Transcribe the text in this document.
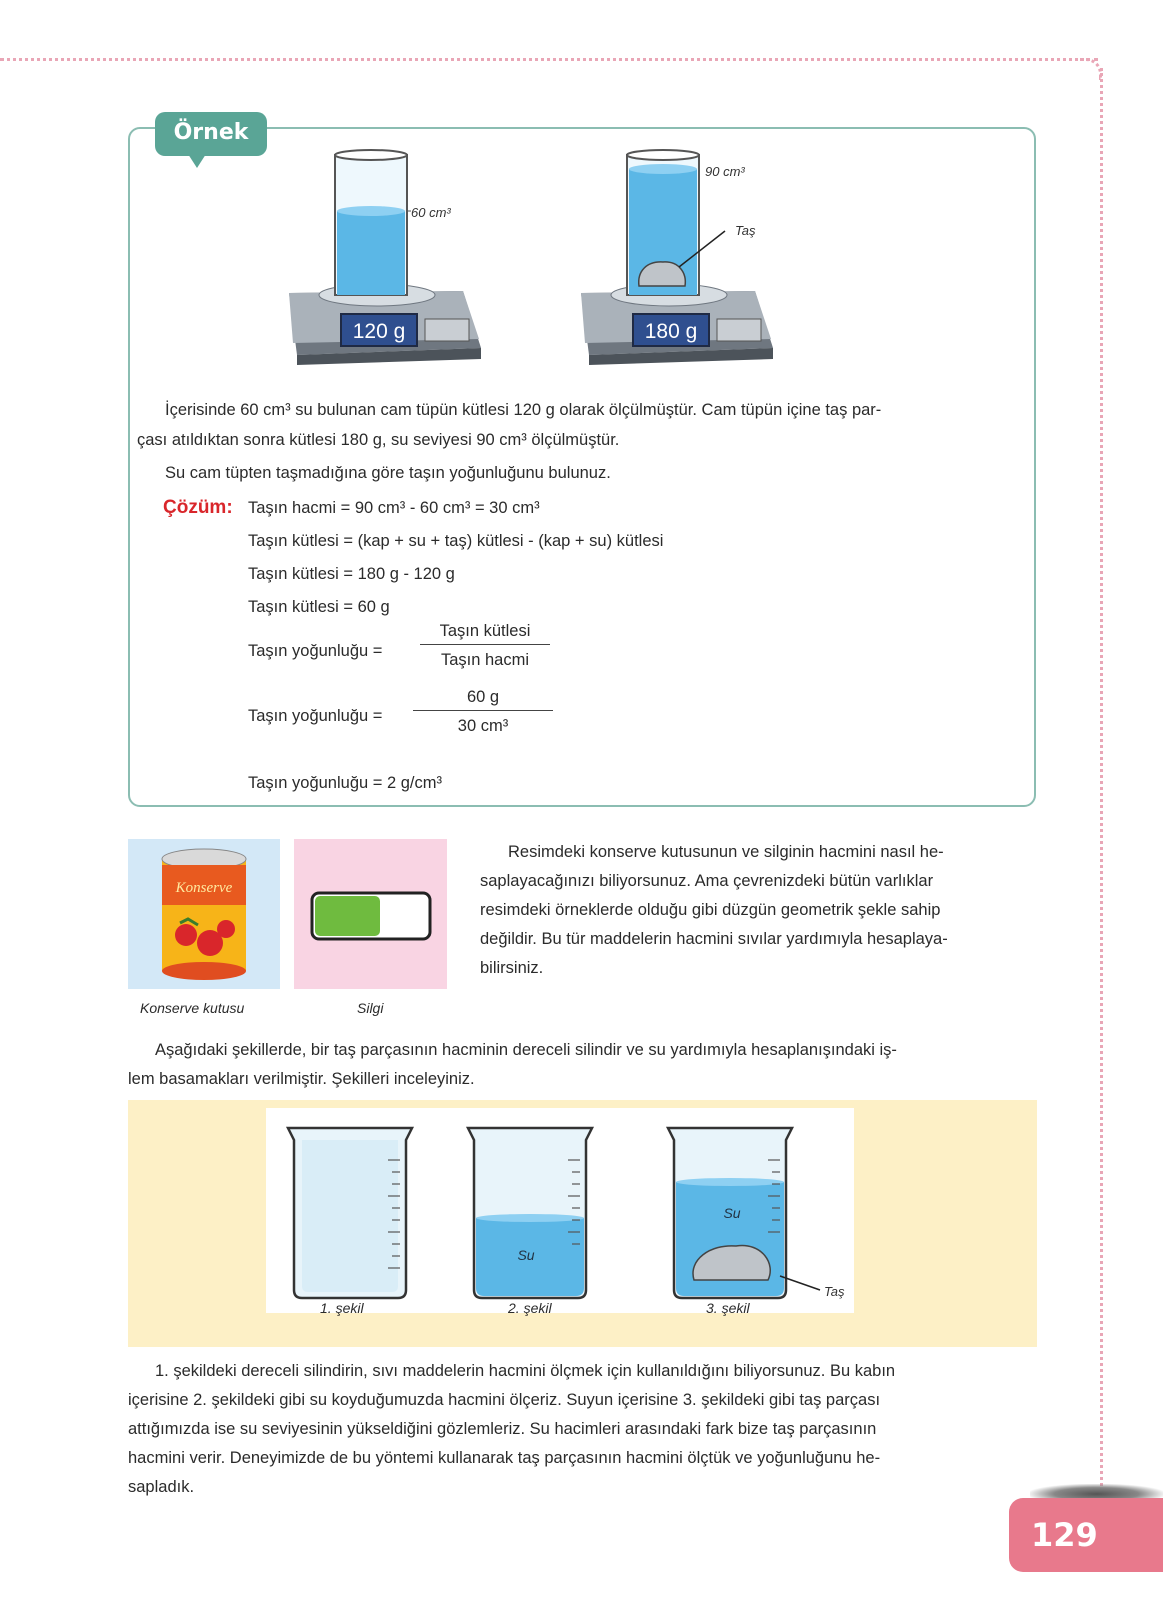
Örnek
120 g
60 cm³
180 g
90 cm³
Taş
İçerisinde 60 cm³ su bulunan cam tüpün kütlesi 120 g olarak ölçülmüştür. Cam tüpün içine taş par-
çası atıldıktan sonra kütlesi 180 g, su seviyesi 90 cm³ ölçülmüştür.
Su cam tüpten taşmadığına göre taşın yoğunluğunu bulunuz.
Çözüm: Taşın hacmi = 90 cm³ - 60 cm³ = 30 cm³
Taşın kütlesi = (kap + su + taş) kütlesi - (kap + su) kütlesi
Taşın kütlesi = 180 g - 120 g
Taşın kütlesi = 60 g
Taşın yoğunluğu =
Taşın kütlesi
Taşın hacmi
Taşın yoğunluğu = $\frac{60 g}{\text{30 cm³}}$
Taşın yoğunluğu = 2 g/cm³
Konserve
Konserve kutusu	Silgi
Resimdeki konserve kutusunun ve silginin hacmini nasıl he-
saplayacağınızı biliyorsunuz. Ama çevrenizdeki bütün varlıklar
resimdeki örneklerde olduğu gibi düzgün geometrik şekle sahip
değildir. Bu tür maddelerin hacmini sıvılar yardımıyla hesaplaya-
bilirsiniz.
Aşağıdaki şekillerde, bir taş parçasının hacminin dereceli silindir ve su yardımıyla hesaplanışındaki iş-
lem basamakları verilmiştir. Şekilleri inceleyiniz.
1. şekil
Su
2. şekil
Su
Taş
3. şekil
1. şekildeki dereceli silindirin, sıvı maddelerin hacmini ölçmek için kullanıldığını biliyorsunuz. Bu kabın
içerisine 2. şekildeki gibi su koyduğumuzda hacmini ölçeriz. Suyun içerisine 3. şekildeki gibi taş parçası
attığımızda ise su seviyesinin yükseldiğini gözlemleriz. Su hacimleri arasındaki fark bize taş parçasının
hacmini verir. Deneyimizde de bu yöntemi kullanarak taş parçasının hacmini ölçtük ve yoğunluğunu he-
sapladık.
129
